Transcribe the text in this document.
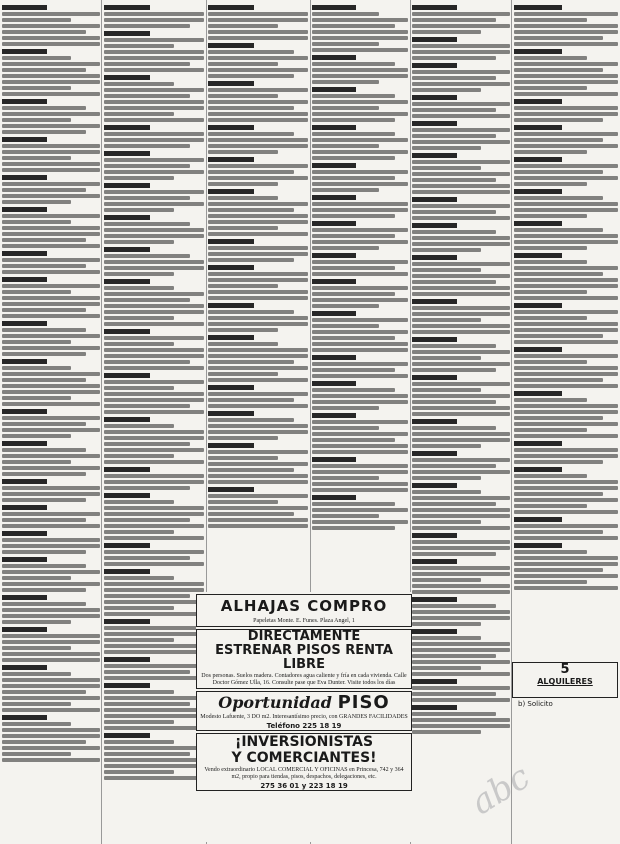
ALHAJAS COMPRO
Papeletas Monte. E. Funes. Plaza Angel, 1
DIRECTAMENTE
ESTRENAR PISOS RENTA LIBRE
Dos personas. Suelos madera. Contadores agua caliente y fría en cada vivienda. Calle Doctor Gómez Ulla, 16. Consulte pase que Eva Dunter. Visite todos los días
Oportunidad PISO
Modesto Lafuente, 3 DO m2. Interesantísimo precio, con GRANDES FACILIDADES
Teléfono 225 18 19
¡INVERSIONISTAS
Y COMERCIANTES!
Vendo extraordinario LOCAL COMERCIAL Y OFICINAS en Princesa, 742 y 364 m2, propio para tiendas, pisos, despachos, delegaciones, etc.
275 36 01 y 223 18 19
5
ALQUILERES
b) Solicito
abc
